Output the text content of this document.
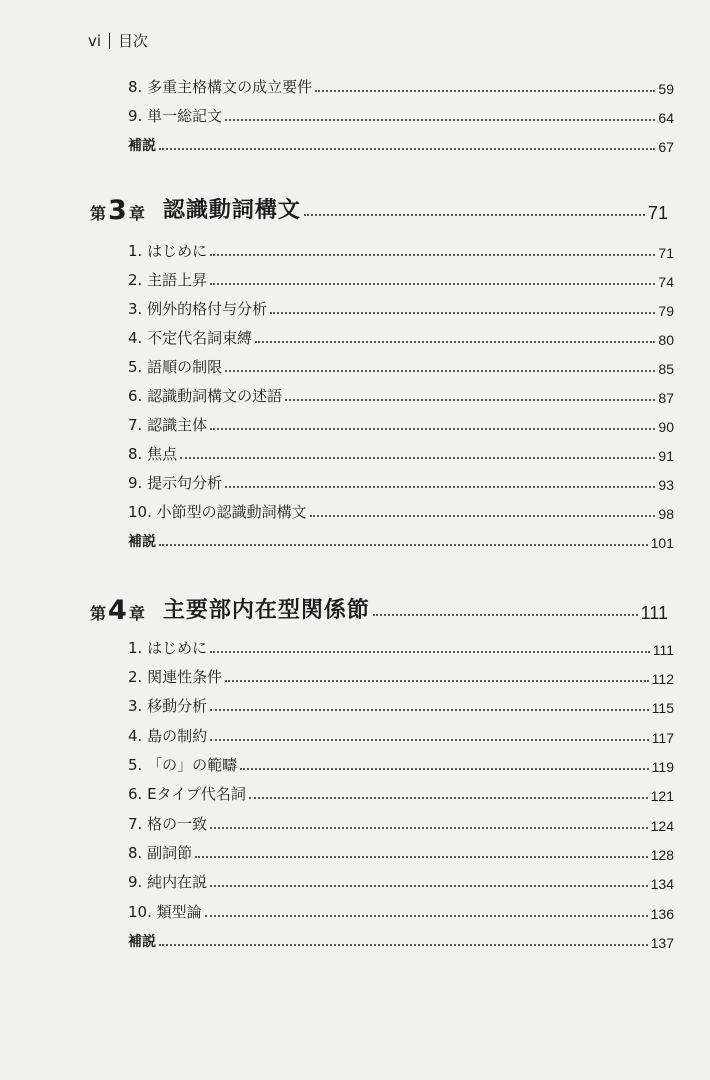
vi 目次
8. 多重主格構文の成立要件	59
9. 単一総記文	64
補説	67
第 3 章 認識動詞構文	71
1. はじめに	71
2. 主語上昇	74
3. 例外的格付与分析	79
4. 不定代名詞束縛	80
5. 語順の制限	85
6. 認識動詞構文の述語	87
7. 認識主体	90
8. 焦点	91
9. 提示句分析	93
10. 小節型の認識動詞構文	98
補説	101
第 4 章 主要部内在型関係節	111
1. はじめに	111
2. 関連性条件	112
3. 移動分析	115
4. 島の制約	117
5. 「の」の範疇	119
6. Eタイプ代名詞	121
7. 格の一致	124
8. 副詞節	128
9. 純内在説	134
10. 類型論	136
補説	137
